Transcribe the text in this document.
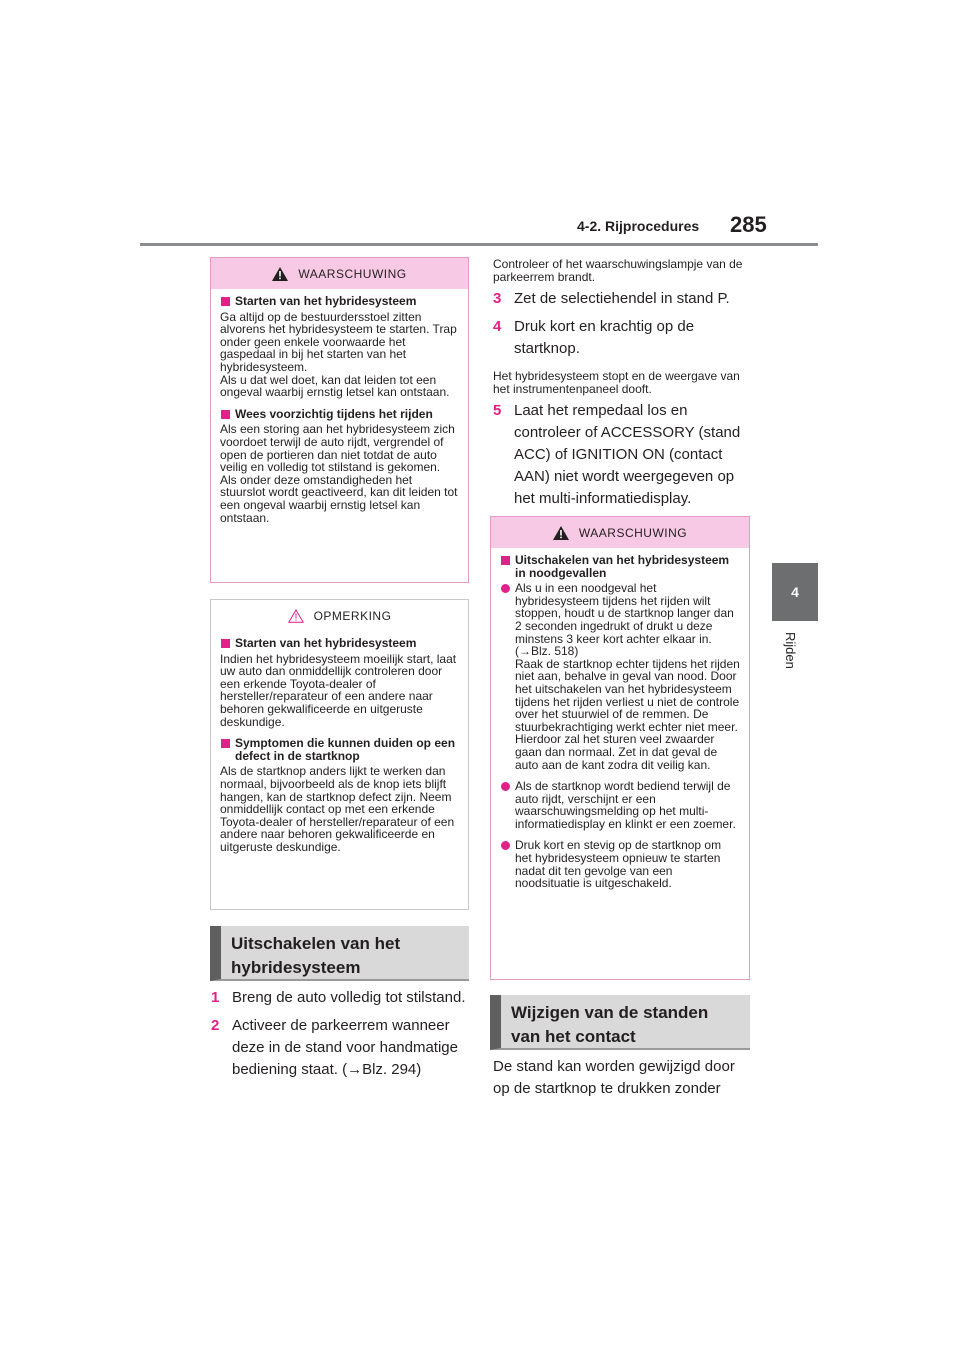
4-2. Rijprocedures 285
4
Rijden
WAARSCHUWING
Starten van het hybridesysteem
Ga altijd op de bestuurdersstoel zitten alvorens het hybridesysteem te starten. Trap onder geen enkele voorwaarde het gaspedaal in bij het starten van het hybridesysteem.
Als u dat wel doet, kan dat leiden tot een ongeval waarbij ernstig letsel kan ontstaan.
Wees voorzichtig tijdens het rijden
Als een storing aan het hybridesysteem zich voordoet terwijl de auto rijdt, vergrendel of open de portieren dan niet totdat de auto veilig en volledig tot stilstand is gekomen. Als onder deze omstandigheden het stuurslot wordt geactiveerd, kan dit leiden tot een ongeval waarbij ernstig letsel kan ontstaan.
OPMERKING
Starten van het hybridesysteem
Indien het hybridesysteem moeilijk start, laat uw auto dan onmiddellijk controleren door een erkende Toyota-dealer of hersteller/reparateur of een andere naar behoren gekwalificeerde en uitgeruste deskundige.
Symptomen die kunnen duiden op een defect in de startknop
Als de startknop anders lijkt te werken dan normaal, bijvoorbeeld als de knop iets blijft hangen, kan de startknop defect zijn. Neem onmiddellijk contact op met een erkende Toyota-dealer of hersteller/reparateur of een andere naar behoren gekwalificeerde en uitgeruste deskundige.
Uitschakelen van het hybridesysteem
1 Breng de auto volledig tot stilstand.
2 Activeer de parkeerrem wanneer deze in de stand voor handmatige bediening staat. (→Blz. 294)
Controleer of het waarschuwingslampje van de parkeerrem brandt.
3 Zet de selectiehendel in stand P.
4 Druk kort en krachtig op de startknop.
Het hybridesysteem stopt en de weergave van het instrumentenpaneel dooft.
5 Laat het rempedaal los en controleer of ACCESSORY (stand ACC) of IGNITION ON (contact AAN) niet wordt weergegeven op het multi-informatiedisplay.
WAARSCHUWING
Uitschakelen van het hybridesysteem in noodgevallen
Als u in een noodgeval het hybridesysteem tijdens het rijden wilt stoppen, houdt u de startknop langer dan 2 seconden ingedrukt of drukt u deze minstens 3 keer kort achter elkaar in. (→Blz. 518)
Raak de startknop echter tijdens het rijden niet aan, behalve in geval van nood. Door het uitschakelen van het hybridesysteem tijdens het rijden verliest u niet de controle over het stuurwiel of de remmen. De stuurbekrachtiging werkt echter niet meer. Hierdoor zal het sturen veel zwaarder gaan dan normaal. Zet in dat geval de auto aan de kant zodra dit veilig kan.
Als de startknop wordt bediend terwijl de auto rijdt, verschijnt er een waarschuwingsmelding op het multi-informatiedisplay en klinkt er een zoemer.
Druk kort en stevig op de startknop om het hybridesysteem opnieuw te starten nadat dit ten gevolge van een noodsituatie is uitgeschakeld.
Wijzigen van de standen van het contact
De stand kan worden gewijzigd door op de startknop te drukken zonder
